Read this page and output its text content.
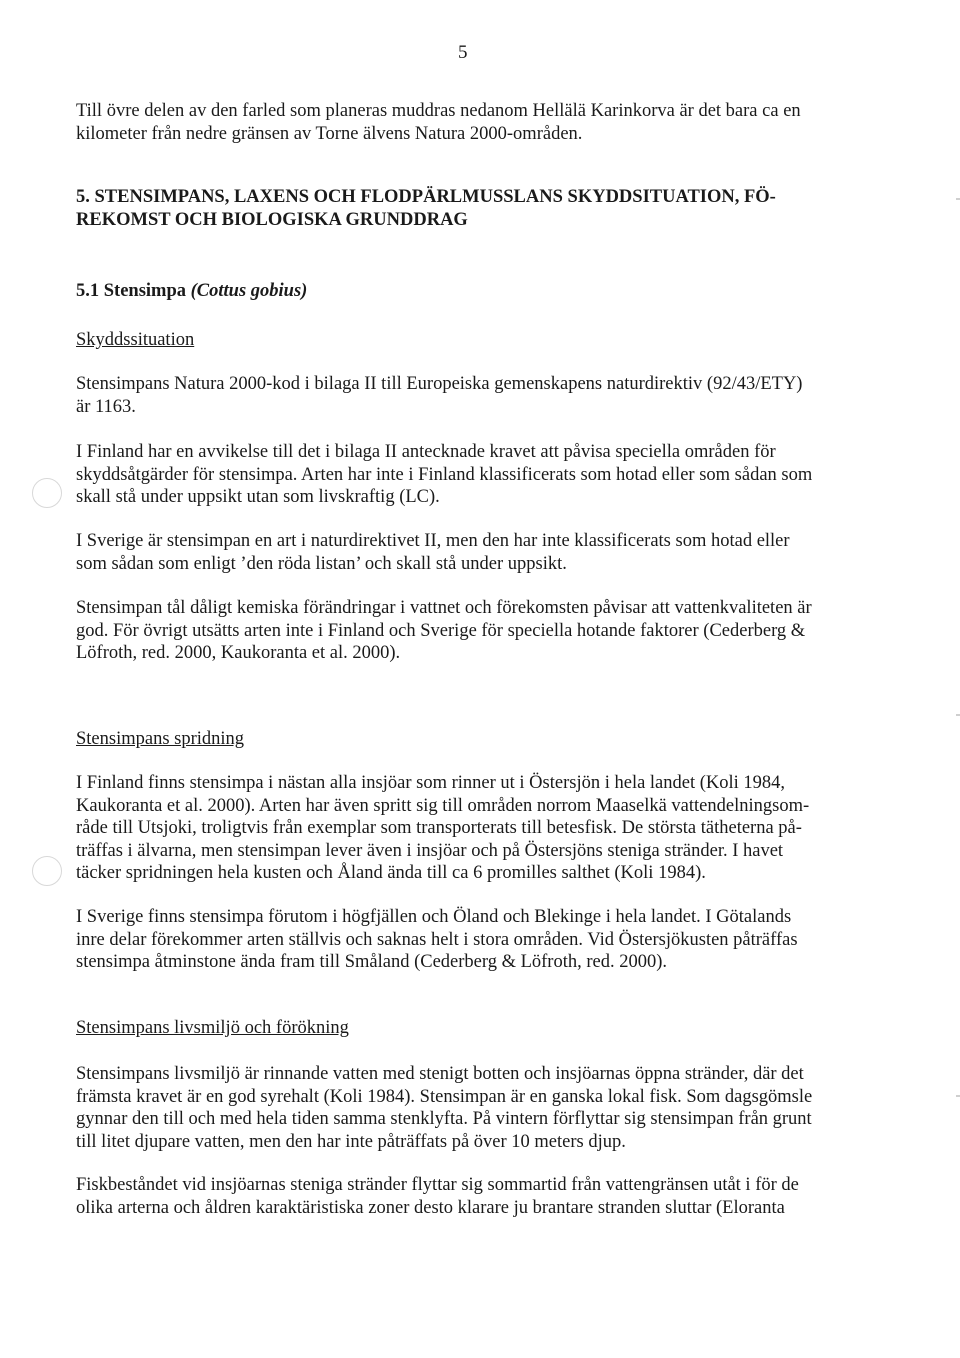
5

Till övre delen av den farled som planeras muddras nedanom Hellälä Karinkorva är det bara ca en
kilometer från nedre gränsen av Torne älvens Natura 2000-områden.

5. STENSIMPANS, LAXENS OCH FLODPÄRLMUSSLANS SKYDDSITUATION, FÖ-
REKOMST OCH BIOLOGISKA GRUNDDRAG
5.1 Stensimpa (Cottus gobius)
Skyddssituation

Stensimpans Natura 2000-kod i bilaga II till Europeiska gemenskapens naturdirektiv (92/43/ETY)
är 1163.

I Finland har en avvikelse till det i bilaga II antecknade kravet att påvisa speciella områden för
skyddsåtgärder för stensimpa. Arten har inte i Finland klassificerats som hotad eller som sådan som
skall stå under uppsikt utan som livskraftig (LC).

I Sverige är stensimpan en art i naturdirektivet II, men den har inte klassificerats som hotad eller
som sådan som enligt ’den röda listan’ och skall stå under uppsikt.

Stensimpan tål dåligt kemiska förändringar i vattnet och förekomsten påvisar att vattenkvaliteten är
god. För övrigt utsätts arten inte i Finland och Sverige för speciella hotande faktorer (Cederberg &
Löfroth, red. 2000, Kaukoranta et al. 2000).

Stensimpans spridning

I Finland finns stensimpa i nästan alla insjöar som rinner ut i Östersjön i hela landet (Koli 1984,
Kaukoranta et al. 2000). Arten har även spritt sig till områden norrom Maaselkä vattendelningsom-
råde till Utsjoki, troligtvis från exemplar som transporterats till betesfisk. De största tätheterna på-
träffas i älvarna, men stensimpan lever även i insjöar och på Östersjöns steniga stränder. I havet
täcker spridningen hela kusten och Åland ända till ca 6 promilles salthet (Koli 1984).

I Sverige finns stensimpa förutom i högfjällen och Öland och Blekinge i hela landet. I Götalands
inre delar förekommer arten ställvis och saknas helt i stora områden. Vid Östersjökusten påträffas
stensimpa åtminstone ända fram till Småland (Cederberg & Löfroth, red. 2000).

Stensimpans livsmiljö och förökning

Stensimpans livsmiljö är rinnande vatten med stenigt botten och insjöarnas öppna stränder, där det
främsta kravet är en god syrehalt (Koli 1984). Stensimpan är en ganska lokal fisk. Som dagsgömsle
gynnar den till och med hela tiden samma stenklyfta. På vintern förflyttar sig stensimpan från grunt
till litet djupare vatten, men den har inte påträffats på över 10 meters djup.

Fiskbeståndet vid insjöarnas steniga stränder flyttar sig sommartid från vattengränsen utåt i för de
olika arterna och åldren karaktäristiska zoner desto klarare ju brantare stranden sluttar (Eloranta
